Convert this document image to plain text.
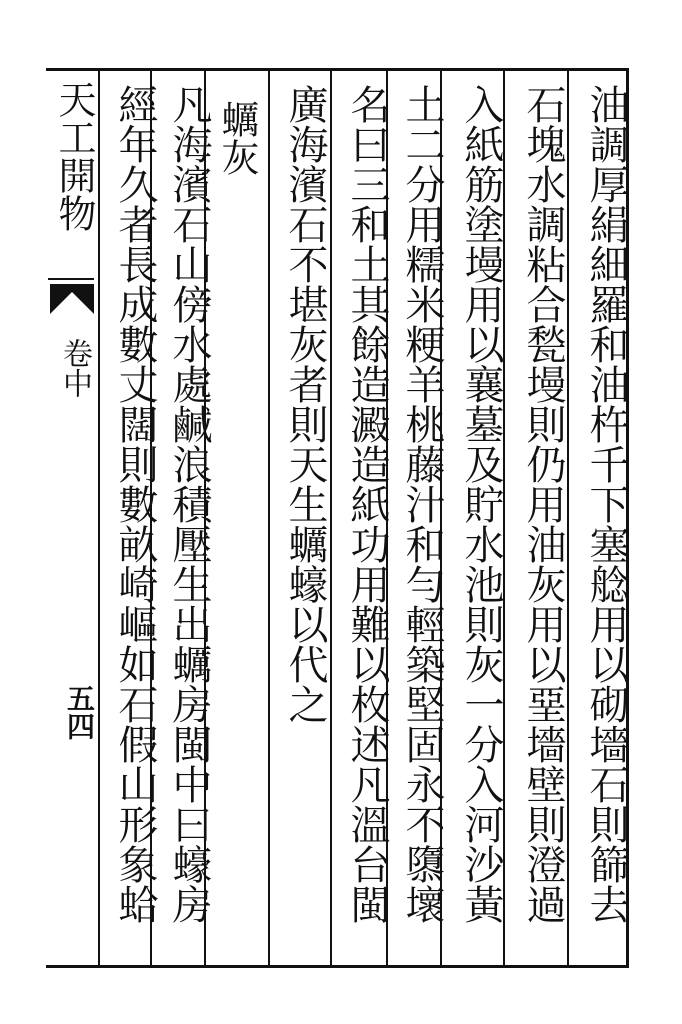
油調厚絹細羅和油杵千下塞艌用以砌墻石則篩去
石塊水調粘合甃墁則仍用油灰用以堊墻壁則澄過
入紙筋塗墁用以襄墓及貯水池則灰一分入河沙黃
土二分用糯米粳羊桃藤汁和勻輕築堅固永不隳壞
名曰三和土其餘造澱造紙功用難以枚述凡溫台閩
廣海濱石不堪灰者則天生蠣蠔以代之
蠣灰
凡海濱石山傍水處鹹浪積壓生出蠣房閩中曰蠔房
經年久者長成數丈闊則數畝崎嶇如石假山形象蛤
天工開物
卷中
五四
